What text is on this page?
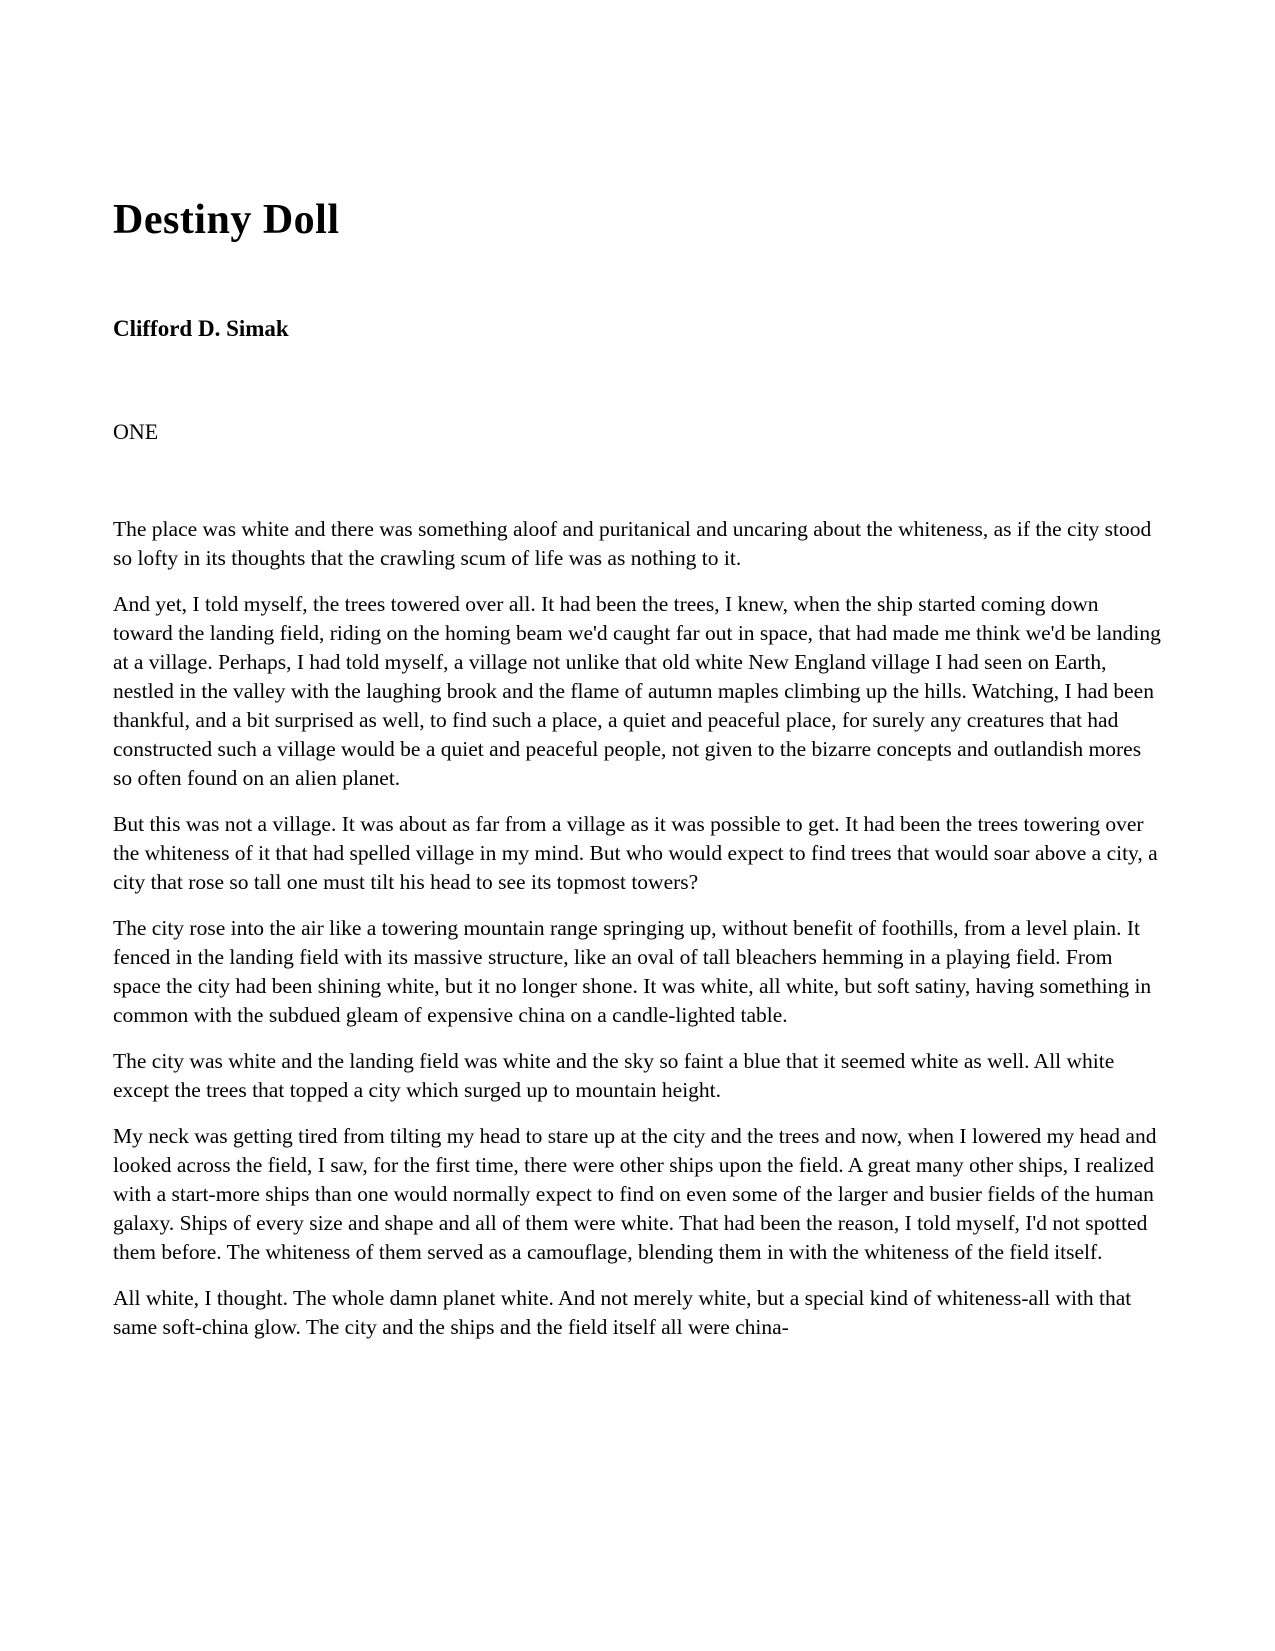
Destiny Doll
Clifford D. Simak
ONE

The place was white and there was something aloof and puritanical and uncaring about the whiteness, as if the city stood so lofty in its thoughts that the crawling scum of life was as nothing to it.

And yet, I told myself, the trees towered over all. It had been the trees, I knew, when the ship started coming down toward the landing field, riding on the homing beam we'd caught far out in space, that had made me think we'd be landing at a village. Perhaps, I had told myself, a village not unlike that old white New England village I had seen on Earth, nestled in the valley with the laughing brook and the flame of autumn maples climbing up the hills. Watching, I had been thankful, and a bit surprised as well, to find such a place, a quiet and peaceful place, for surely any creatures that had constructed such a village would be a quiet and peaceful people, not given to the bizarre concepts and outlandish mores so often found on an alien planet.

But this was not a village. It was about as far from a village as it was possible to get. It had been the trees towering over the whiteness of it that had spelled village in my mind. But who would expect to find trees that would soar above a city, a city that rose so tall one must tilt his head to see its topmost towers?

The city rose into the air like a towering mountain range springing up, without benefit of foothills, from a level plain. It fenced in the landing field with its massive structure, like an oval of tall bleachers hemming in a playing field. From space the city had been shining white, but it no longer shone. It was white, all white, but soft satiny, having something in common with the subdued gleam of expensive china on a candle-lighted table.

The city was white and the landing field was white and the sky so faint a blue that it seemed white as well. All white except the trees that topped a city which surged up to mountain height.

My neck was getting tired from tilting my head to stare up at the city and the trees and now, when I lowered my head and looked across the field, I saw, for the first time, there were other ships upon the field. A great many other ships, I realized with a start-more ships than one would normally expect to find on even some of the larger and busier fields of the human galaxy. Ships of every size and shape and all of them were white. That had been the reason, I told myself, I'd not spotted them before. The whiteness of them served as a camouflage, blending them in with the whiteness of the field itself.

All white, I thought. The whole damn planet white. And not merely white, but a special kind of whiteness-all with that same soft-china glow. The city and the ships and the field itself all were china-
